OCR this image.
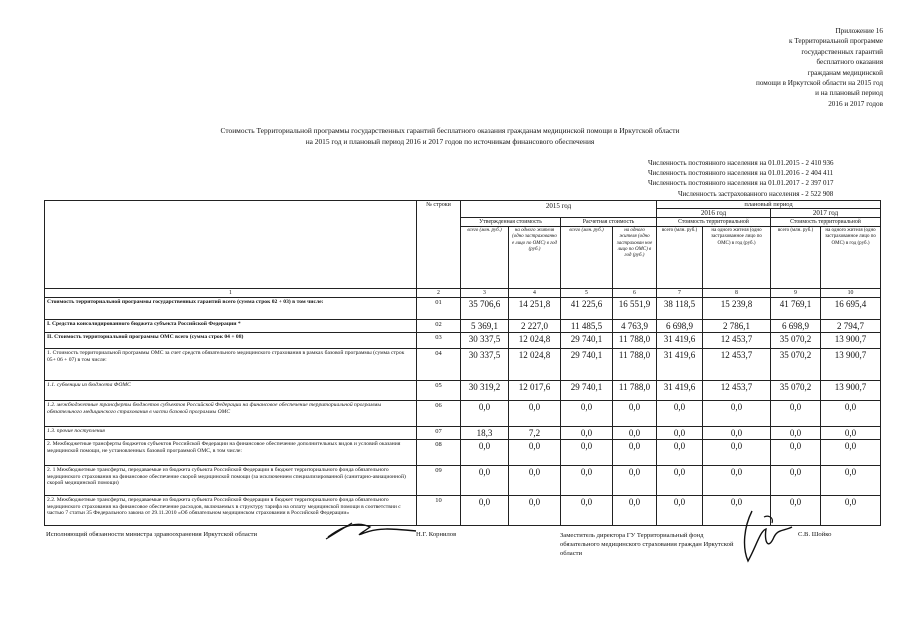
Приложение 16
к Территориальной программе
государственных гарантий
бесплатного оказания
гражданам медицинской
помощи в Иркутской области на 2015 год
и на плановый период
2016 и 2017 годов
Стоимость Территориальной программы государственных гарантий бесплатного оказания гражданам медицинской помощи в Иркутской области
на 2015 год и плановый период 2016 и 2017 годов по источникам финансового обеспечения
Численность постоянного населения на 01.01.2015 - 2 410 936
Численность постоянного населения на 01.01.2016 - 2 404 411
Численность постоянного населения на 01.01.2017 - 2 397 017
Численность застрахованного населения - 2 522 908
	№ строки	2015 год				плановый период			
						2016 год		2017 год	
		Утвержденная стоимость		Расчетная стоимость		Стоимость территориальной		Стоимость территориальной	
		всего (млн. руб.)	на одного жителя (одно застрахованно е лицо по ОМС) в год (руб.)	всего (млн. руб.)	на одного жителя (одно застрахован ное лицо по ОМС) в год (руб.)	всего (млн. руб.)	на одного жителя (одно застрахованное лицо по ОМС) в год (руб.)	всего (млн. руб.)	на одного жителя (одно застрахованное лицо по ОМС) в год (руб.)
1	2	3	4	5	6	7	8	9	10
Стоимость территориальной программы государственных гарантий всего (сумма строк 02 + 03) в том числе:	01	35 706,6	14 251,8	41 225,6	16 551,9	38 118,5	15 239,8	41 769,1	16 695,4
I. Средства консолидированного бюджета субъекта Российской Федерации *	02	5 369,1	2 227,0	11 485,5	4 763,9	6 698,9	2 786,1	6 698,9	2 794,7
II. Стоимость территориальной программы ОМС всего (сумма строк 04 + 08)	03	30 337,5	12 024,8	29 740,1	11 788,0	31 419,6	12 453,7	35 070,2	13 900,7
1. Стоимость территориальной программы ОМС за счет средств обязательного медицинского страхования в рамках базовой программы (сумма строк 05+ 06 + 07) в том числе:	04	30 337,5	12 024,8	29 740,1	11 788,0	31 419,6	12 453,7	35 070,2	13 900,7
1.1. субвенции из бюджета ФОМС	05	30 319,2	12 017,6	29 740,1	11 788,0	31 419,6	12 453,7	35 070,2	13 900,7
1.2. межбюджетные трансферты бюджетов субъектов Российской Федерации на финансовое обеспечение территориальной программы обязательного медицинского страхования в части базовой программы ОМС	06	0,0	0,0	0,0	0,0	0,0	0,0	0,0	0,0
1.3. прочие поступления	07	18,3	7,2	0,0	0,0	0,0	0,0	0,0	0,0
2. Межбюджетные трансферты бюджетов субъектов Российской Федерации на финансовое обеспечение дополнительных видов и условий оказания медицинской помощи, не установленных базовой программой ОМС, в том числе:	08	0,0	0,0	0,0	0,0	0,0	0,0	0,0	0,0
2. 1 Межбюджетные трансферты, передаваемые из бюджета субъекта Российской Федерации в бюджет территориального фонда обязательного медицинского страхования на финансовое обеспечение скорой медицинской помощи (за исключением специализированной (санитарно-авиационной) скорой медицинской помощи)	09	0,0	0,0	0,0	0,0	0,0	0,0	0,0	0,0
2.2. Межбюджетные трансферты, передаваемые из бюджета субъекта Российской Федерации в бюджет территориального фонда обязательного медицинского страхования на финансовое обеспечение расходов, включаемых в структуру тарифа на оплату медицинской помощи в соответствии с частью 7 статьи 35 Федерального закона от 29.11.2010 «Об обязательном медицинском страховании в Российской Федерации»	10	0,0	0,0	0,0	0,0	0,0	0,0	0,0	0,0
Исполняющий обязанности министра здравоохранения Иркутской области	Н.Г. Корнилов	Заместитель директора ГУ Территориальный фонд обязательного медицинского страхования граждан Иркутской области
С.В. Шойко
